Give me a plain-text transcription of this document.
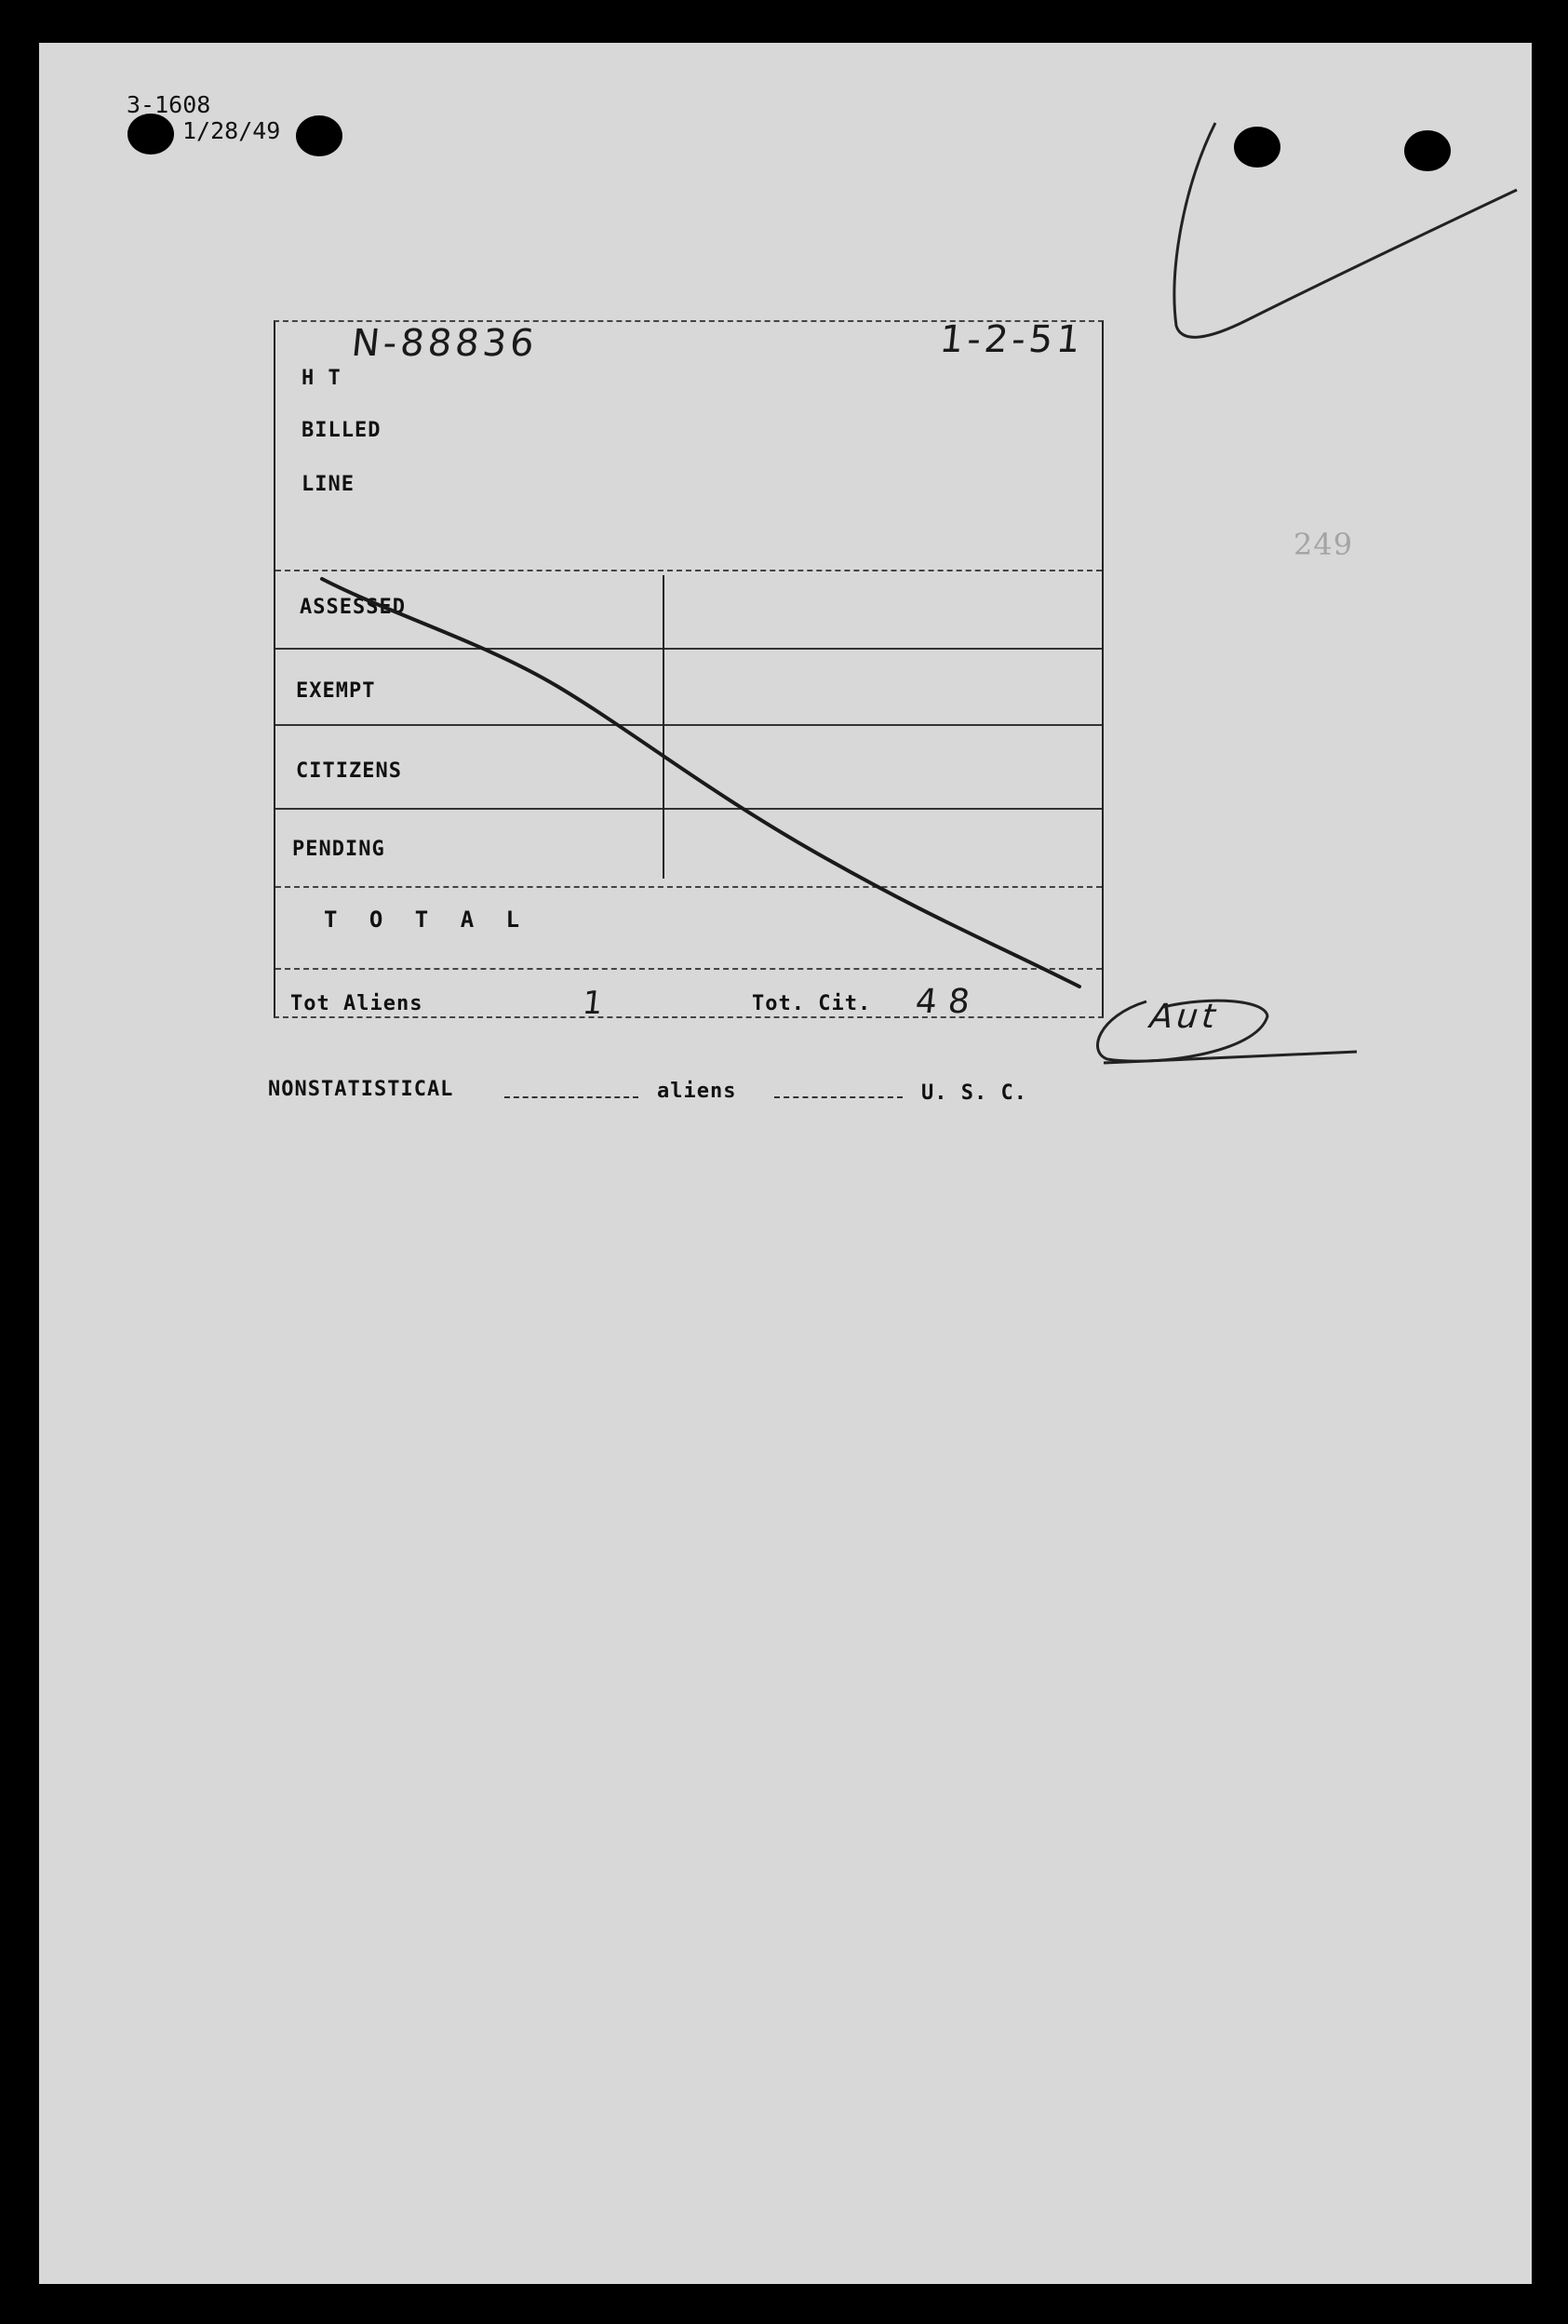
3-1608
1/28/49
N-88836	1-2-51
249
H T
BILLED
LINE
ASSESSED
EXEMPT
CITIZENS
PENDING
T O T A L
Tot Aliens	1	Tot. Cit. 48	Aut
NONSTATISTICAL	aliens	U. S. C.
